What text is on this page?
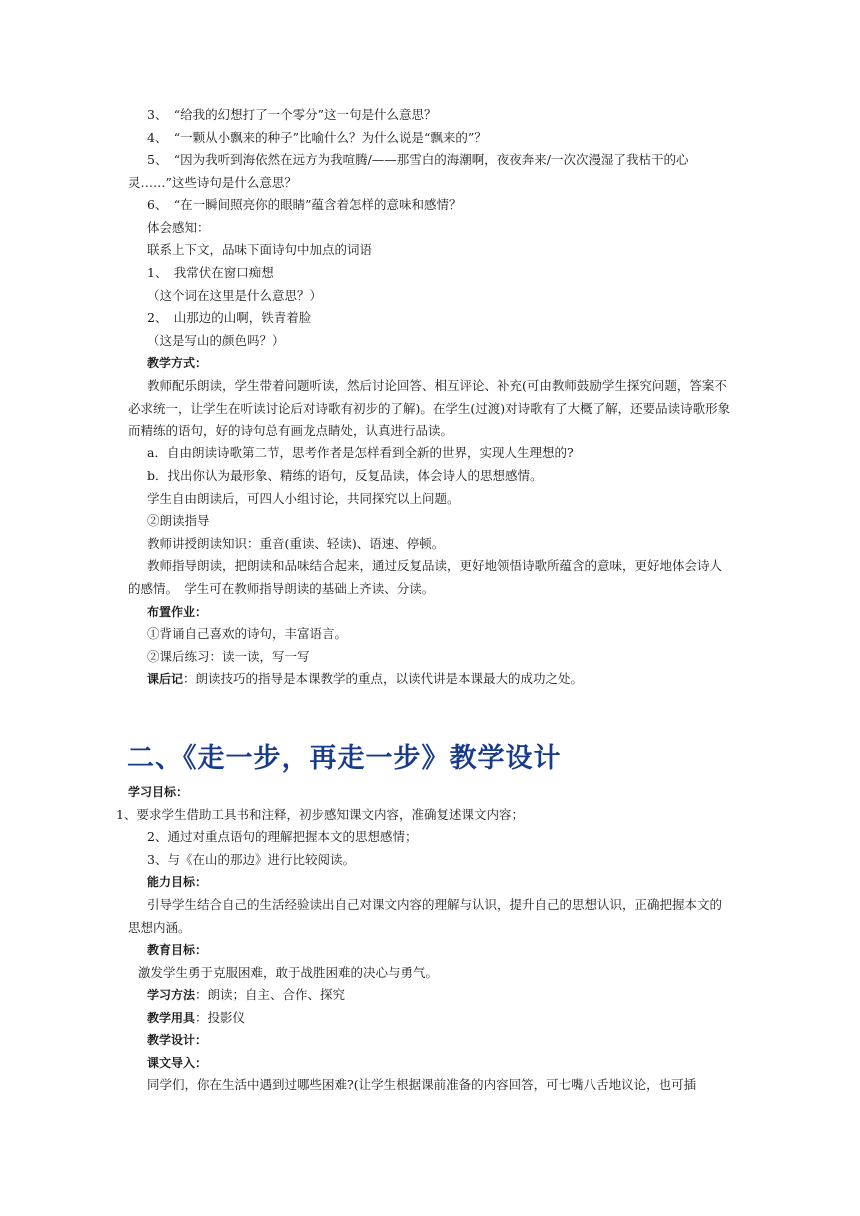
3、　“给我的幻想打了一个零分”这一句是什么意思？

4、　“一颗从小飘来的种子”比喻什么？为什么说是“飘来的”？

5、　“因为我听到海依然在远方为我喧腾/——那雪白的海潮啊，夜夜奔来/一次次漫湿了我枯干的心灵……”这些诗句是什么意思？

6、　“在一瞬间照亮你的眼睛”蕴含着怎样的意味和感情？

体会感知：

联系上下文，品味下面诗句中加点的词语

1、　我常伏在窗口痴想

（这个词在这里是什么意思？）

2、　山那边的山啊，铁青着脸

（这是写山的颜色吗？）

教学方式：

教师配乐朗读，学生带着问题听读，然后讨论回答、相互评论、补充(可由教师鼓励学生探究问题，答案不必求统一，让学生在听读讨论后对诗歌有初步的了解)。在学生(过渡)对诗歌有了大概了解，还要品读诗歌形象而精练的语句，好的诗句总有画龙点睛处，认真进行品读。

a．自由朗读诗歌第二节，思考作者是怎样看到全新的世界，实现人生理想的?

b．找出你认为最形象、精练的语句，反复品读，体会诗人的思想感情。

学生自由朗读后，可四人小组讨论，共同探究以上问题。

②朗读指导

教师讲授朗读知识：重音(重读、轻读)、语速、停顿。

教师指导朗读，把朗读和品味结合起来，通过反复品读，更好地领悟诗歌所蕴含的意味，更好地体会诗人的感情。　学生可在教师指导朗读的基础上齐读、分读。

布置作业：

①背诵自己喜欢的诗句，丰富语言。

②课后练习：读一读，写一写

课后记：朗读技巧的指导是本课教学的重点，以读代讲是本课最大的成功之处。

二、《走一步，再走一步》教学设计

学习目标：

1、要求学生借助工具书和注释，初步感知课文内容，准确复述课文内容；

2、通过对重点语句的理解把握本文的思想感情；

3、与《在山的那边》进行比较阅读。

能力目标：

引导学生结合自己的生活经验读出自己对课文内容的理解与认识，提升自己的思想认识，正确把握本文的思想内涵。

教育目标：

激发学生勇于克服困难，敢于战胜困难的决心与勇气。

学习方法：朗读；自主、合作、探究

教学用具：投影仪

教学设计：

课文导入：

同学们，你在生活中遇到过哪些困难?(让学生根据课前准备的内容回答，可七嘴八舌地议论，也可插
